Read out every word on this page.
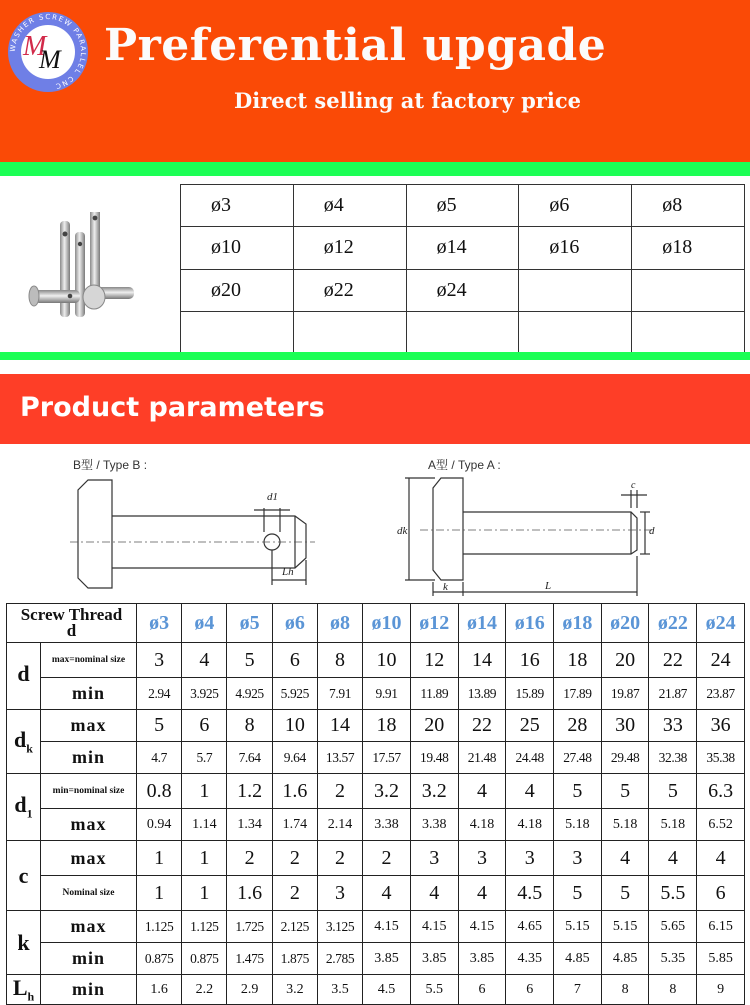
WASHER SCREW PARALLEL CNC
M
M Preferential upgade
Direct selling at factory price
ø3	ø4	ø5	ø6	ø8
ø10	ø12	ø14	ø16	ø18
ø20	ø22	ø24		

Product parameters
B型 / Type B :
d1
Lh
A型 / Type A :
dk
c
d
k	L
Screw Thread
d		ø3	ø4	ø5	ø6	ø8	ø10	ø12	ø14	ø16	ø18	ø20	ø22	ø24
d	max=nominal size	3	4	5	6	8	10	12	14	16	18	20	22	24
	min	2.94	3.925	4.925	5.925	7.91	9.91	11.89	13.89	15.89	17.89	19.87	21.87	23.87
$d_k$	max	5	6	8	10	14	18	20	22	25	28	30	33	36
	min	4.7	5.7	7.64	9.64	13.57	17.57	19.48	21.48	24.48	27.48	29.48	32.38	35.38
$d_1$	min=nominal size	0.8	1	1.2	1.6	2	3.2	3.2	4	4	5	5	5	6.3
	max	0.94	1.14	1.34	1.74	2.14	3.38	3.38	4.18	4.18	5.18	5.18	5.18	6.52
c	max	1	1	2	2	2	2	3	3	3	3	4	4	4
	Nominal size	1	1	1.6	2	3	4	4	4	4.5	5	5	5.5	6
k	max	1.125	1.125	1.725	2.125	3.125	4.15	4.15	4.15	4.65	5.15	5.15	5.65	6.15
	min	0.875	0.875	1.475	1.875	2.785	3.85	3.85	3.85	4.35	4.85	4.85	5.35	5.85
$L_h$	min	1.6	2.2	2.9	3.2	3.5	4.5	5.5	6	6	7	8	8	9
